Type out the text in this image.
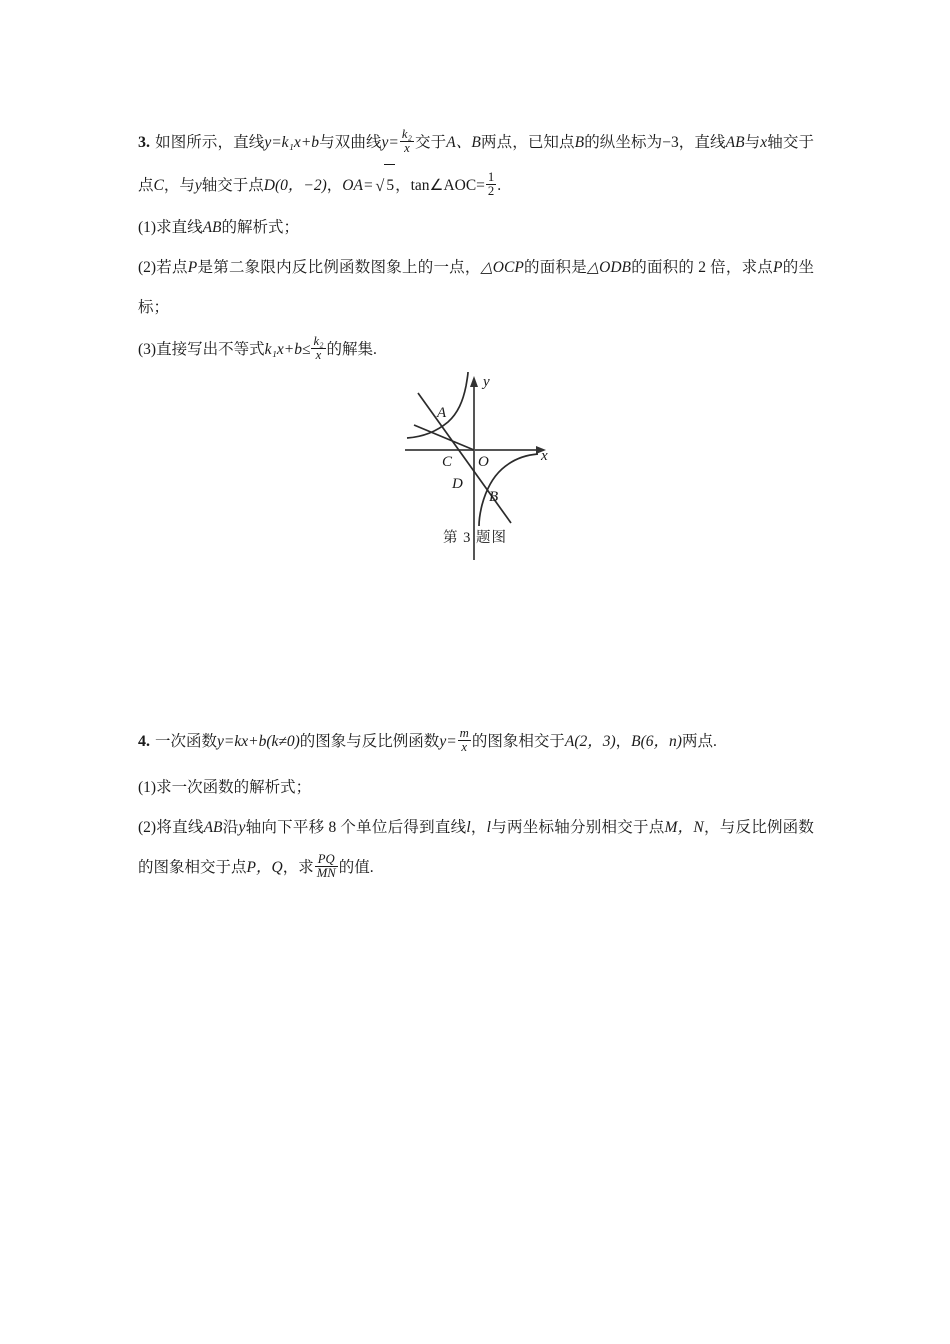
3. 如图所示，直线y=k₁x+b与双曲线$y= \frac{\text{k₂}}{x}$ 交于A、B两点，已知点B的纵坐标为−3，直线AB与x轴交于点C，与y轴交于点D(0，−2)，OA= √ 5，tan∠AOC= $\frac{1}{2}$ .
(1)求直线AB的解析式；
(2)若点P是第二象限内反比例函数图象上的一点，△OCP的面积是△ODB的面积的 2 倍，求点P的坐标；
(3)直接写出不等式$k_1x+b\le \frac{\text{k₂}}{x}$ 的解集.
y
x
A
C O
D
B
第 3 题图
4. 一次函数y=kx+b(k≠0)的图象与反比例函数$y= \frac{m}{x}$ 的图象相交于A(2，3)，B(6，n)两点.
(1)求一次函数的解析式；
(2)将直线AB沿y轴向下平移 8 个单位后得到直线l，l与两坐标轴分别相交于点M，N，与反比例函数的图象相交于点P，Q，求 $\frac{PQ}{MN}$ 的值.
